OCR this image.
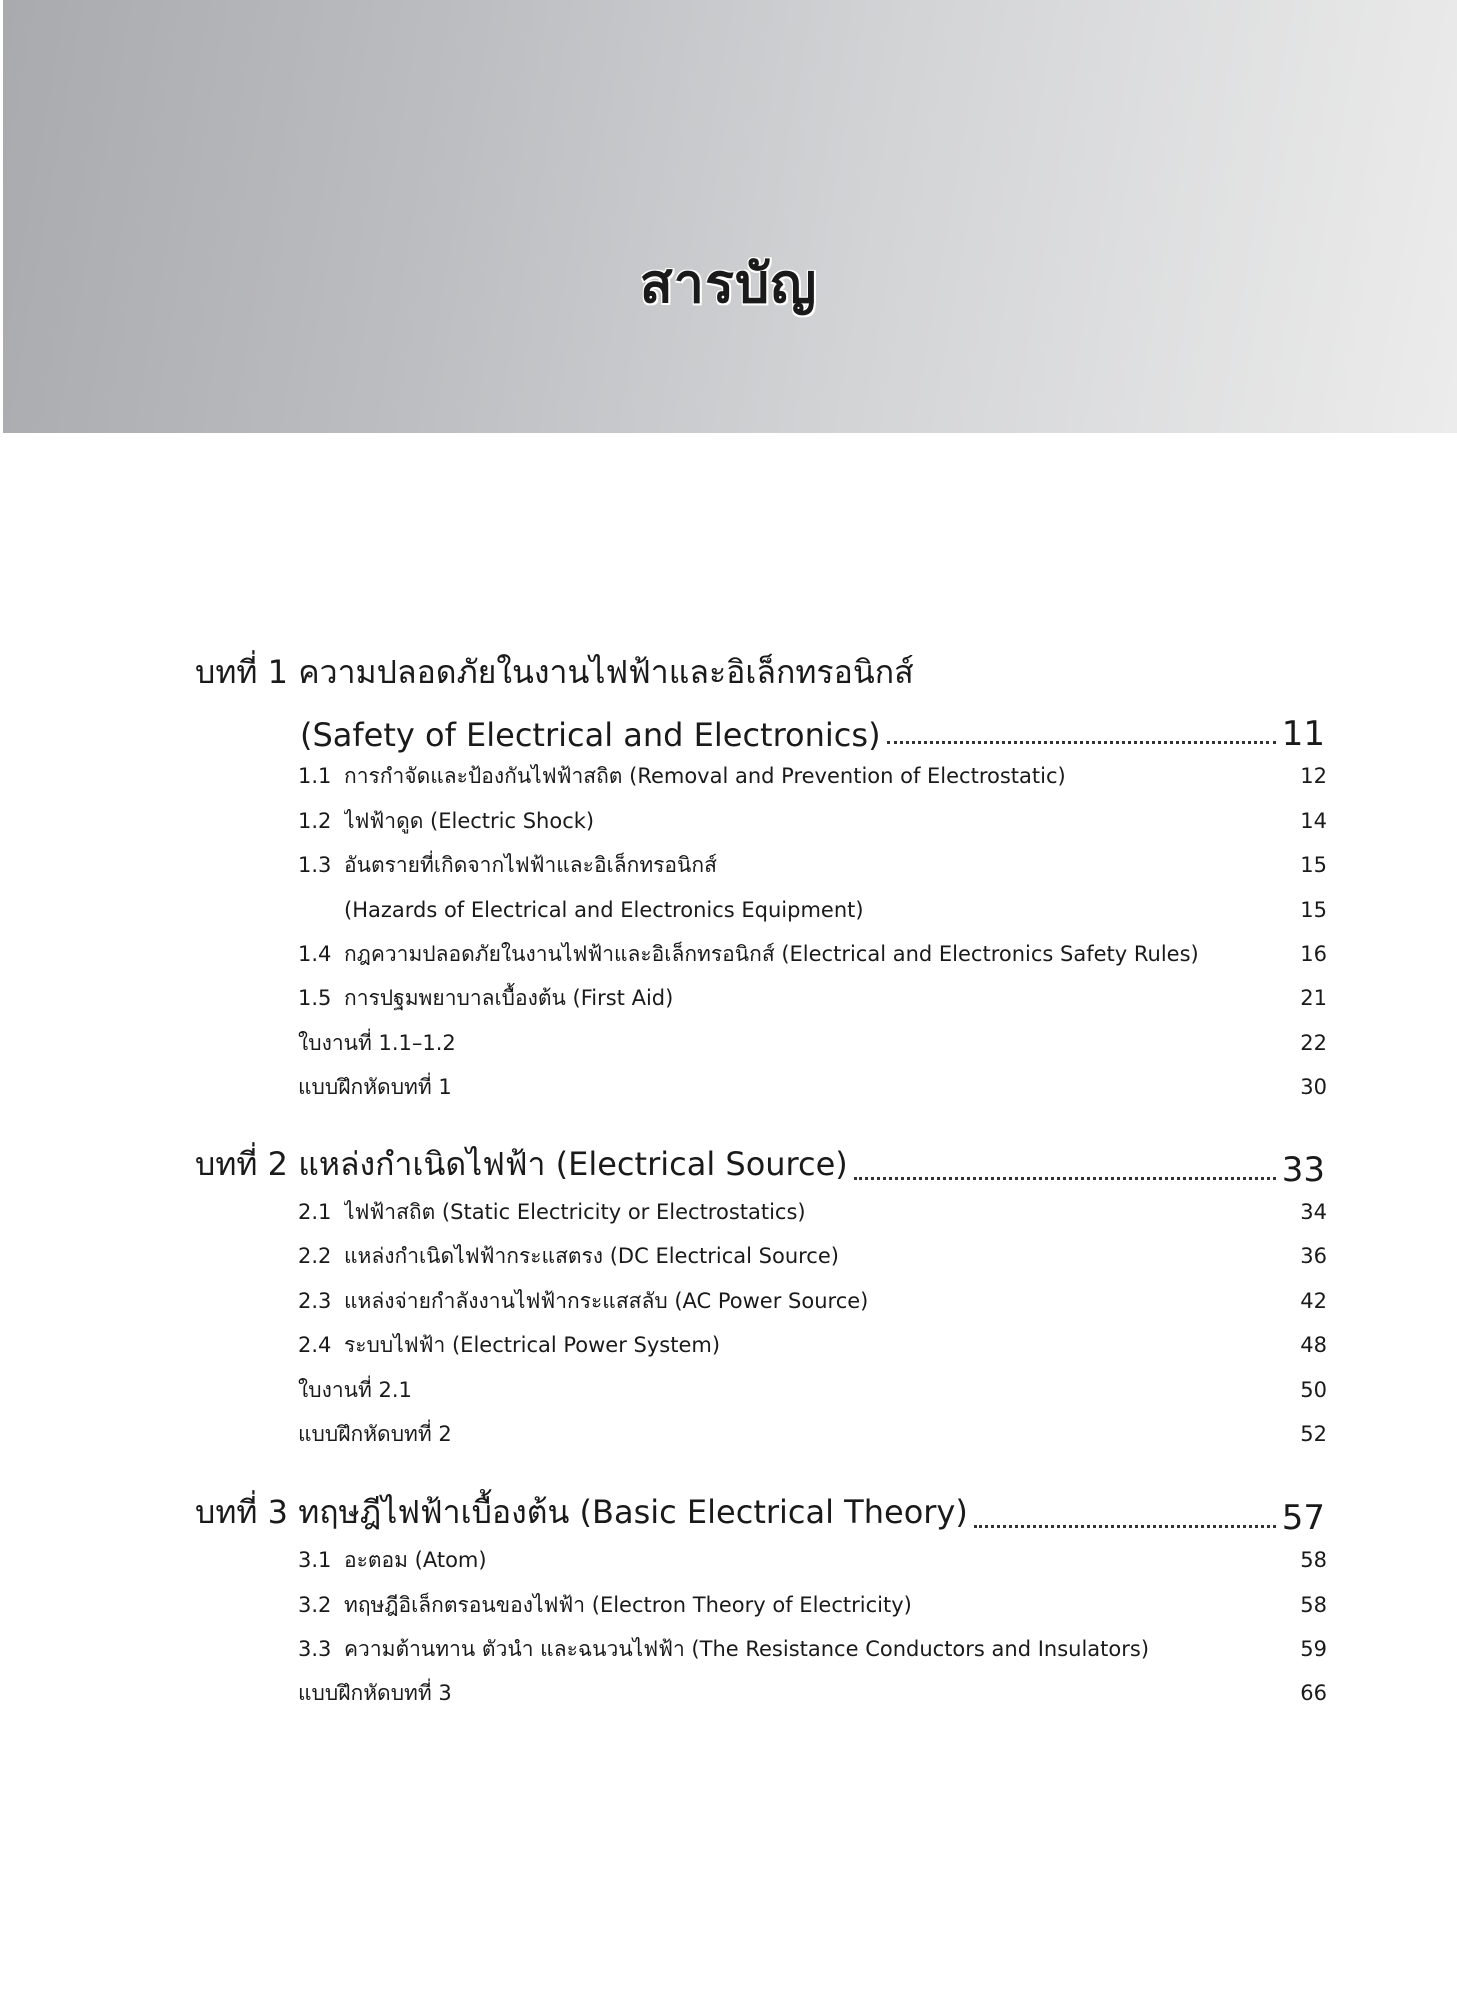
สารบัญ
บทที่ 1 ความปลอดภัยในงานไฟฟ้าและอิเล็กทรอนิกส์
(Safety of Electrical and Electronics)	11
1.1 การกำจัดและป้องกันไฟฟ้าสถิต (Removal and Prevention of Electrostatic)	12
1.2 ไฟฟ้าดูด (Electric Shock)	14
1.3 อันตรายที่เกิดจากไฟฟ้าและอิเล็กทรอนิกส์	15
(Hazards of Electrical and Electronics Equipment)	15
1.4 กฎความปลอดภัยในงานไฟฟ้าและอิเล็กทรอนิกส์ (Electrical and Electronics Safety Rules)	16
1.5 การปฐมพยาบาลเบื้องต้น (First Aid)	21
ใบงานที่ 1.1–1.2	22
แบบฝึกหัดบทที่ 1	30
บทที่ 2 แหล่งกำเนิดไฟฟ้า (Electrical Source)	33
2.1 ไฟฟ้าสถิต (Static Electricity or Electrostatics)	34
2.2 แหล่งกำเนิดไฟฟ้ากระแสตรง (DC Electrical Source)	36
2.3 แหล่งจ่ายกำลังงานไฟฟ้ากระแสสลับ (AC Power Source)	42
2.4 ระบบไฟฟ้า (Electrical Power System)	48
ใบงานที่ 2.1	50
แบบฝึกหัดบทที่ 2	52
บทที่ 3 ทฤษฎีไฟฟ้าเบื้องต้น (Basic Electrical Theory)	57
3.1 อะตอม (Atom)	58
3.2 ทฤษฎีอิเล็กตรอนของไฟฟ้า (Electron Theory of Electricity)	58
3.3 ความต้านทาน ตัวนำ และฉนวนไฟฟ้า (The Resistance Conductors and Insulators)	59
แบบฝึกหัดบทที่ 3	66
